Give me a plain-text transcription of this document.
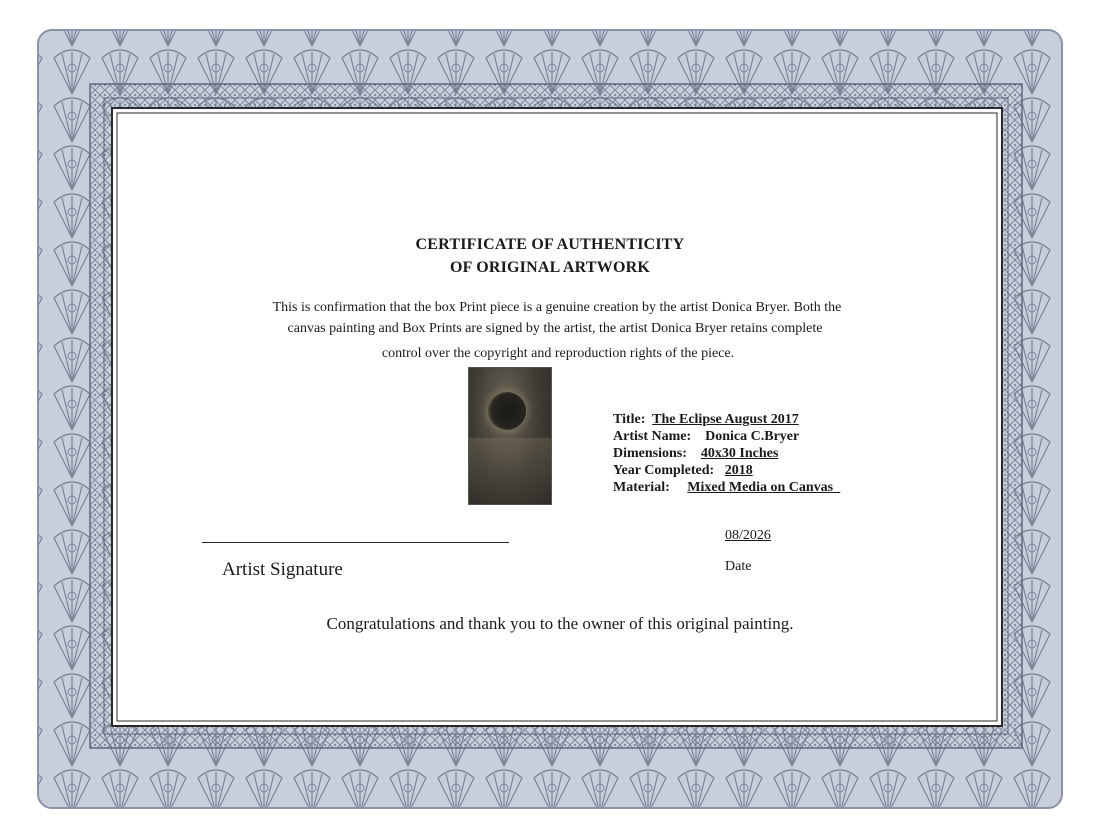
CERTIFICATE OF AUTHENTICITY
OF ORIGINAL ARTWORK
This is confirmation that the box Print piece is a genuine creation by the artist Donica Bryer. Both the
canvas painting and Box Prints are signed by the artist, the artist Donica Bryer retains complete
control over the copyright and reproduction rights of the piece.
Title: The Eclipse August 2017
Artist Name: Donica C.Bryer
Dimensions: 40x30 Inches
Year Completed: 2018
Material: Mixed Media on Canvas_
Artist Signature
08/2026
Date
Congratulations and thank you to the owner of this original painting.
